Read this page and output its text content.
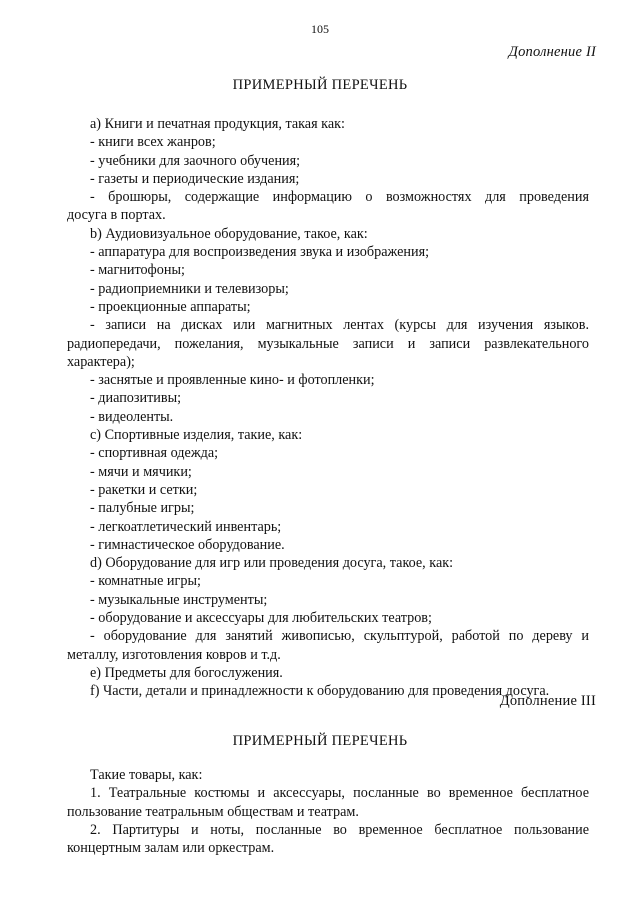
105
Дополнение II
ПРИМЕРНЫЙ ПЕРЕЧЕНЬ
а) Книги и печатная продукция, такая как:
- книги всех жанров;
- учебники для заочного обучения;
- газеты и периодические издания;
- брошюры, содержащие информацию о возможностях для проведения
досуга в портах.
b) Аудиовизуальное оборудование, такое, как:
- аппаратура для воспроизведения звука и изображения;
- магнитофоны;
- радиоприемники и телевизоры;
- проекционные аппараты;
- записи на дисках или магнитных лентах (курсы для изучения языков.
радиопередачи, пожелания, музыкальные записи и записи развлекательного
характера);
- заснятые и проявленные кино- и фотопленки;
- диапозитивы;
- видеоленты.
с) Спортивные изделия, такие, как:
- спортивная одежда;
- мячи и мячики;
- ракетки и сетки;
- палубные игры;
- легкоатлетический инвентарь;
- гимнастическое оборудование.
d) Оборудование для игр или проведения досуга, такое, как:
- комнатные игры;
- музыкальные инструменты;
- оборудование и аксессуары для любительских театров;
- оборудование для занятий живописью, скульптурой, работой по дереву и
металлу, изготовления ковров и т.д.
е) Предметы для богослужения.
f) Части, детали и принадлежности к оборудованию для проведения досуга.
Дополнение III
ПРИМЕРНЫЙ ПЕРЕЧЕНЬ
Такие товары, как:
1. Театральные костюмы и аксессуары, посланные во временное бесплатное
пользование театральным обществам и театрам.
2. Партитуры и ноты, посланные во временное бесплатное пользование
концертным залам или оркестрам.
